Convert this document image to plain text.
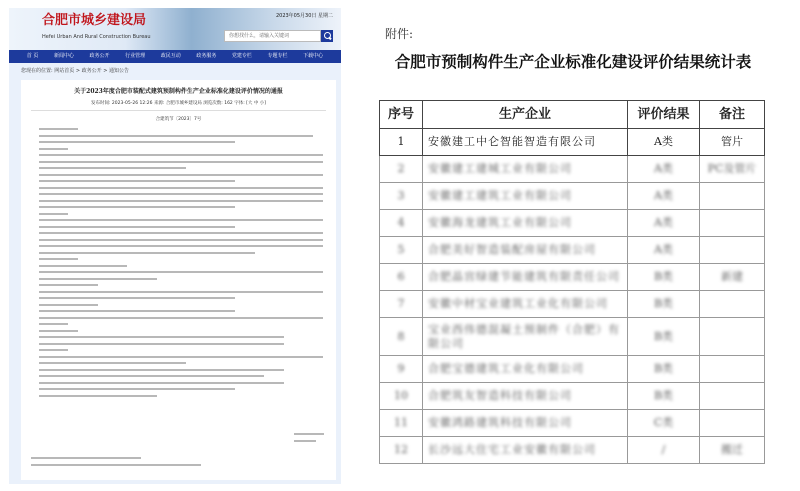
合肥市城乡建设局
Hefei Urban And Rural Construction Bureau
2023年05月30日 星期二
你想找什么，请输入关键词
首 页	新闻中心	政务公开	行业管理	政民互动	政务服务	党建专栏	专题专栏	下载中心
您现在的位置: 网站首页 > 政务公开 > 通知公告
关于2023年度合肥市装配式建筑预制构件生产企业标准化建设评价情况的通报
发布时间: 2023-05-26 12:26 来源: 合肥市城乡建设局 浏览次数: 162 字体: [大 中 小]
合建筑节〔2023〕7号
附件:
合肥市预制构件生产企业标准化建设评价结果统计表
序号	生产企业	评价结果	备注
1	安徽建工中仑智能智造有限公司	A类	管片
2	安徽建工建城工业有限公司	A类	PC及管片
3	安徽建工建筑工业有限公司	A类	
4	安徽海龙建筑工业有限公司	A类	
5	合肥美好智造装配房屋有限公司	A类	
6	合肥晶宫绿建节能建筑有限责任公司	B类	新建
7	安徽中材宝业建筑工业化有限公司	B类	
8	宝业西伟德混凝土预制件（合肥）有限公司	B类	
9	合肥宝德建筑工业化有限公司	B类	
10	合肥筑友智造科技有限公司	B类	
11	安徽鸿路建筑科技有限公司	C类	
12	长沙远大住宅工业安徽有限公司	/	搬迁
